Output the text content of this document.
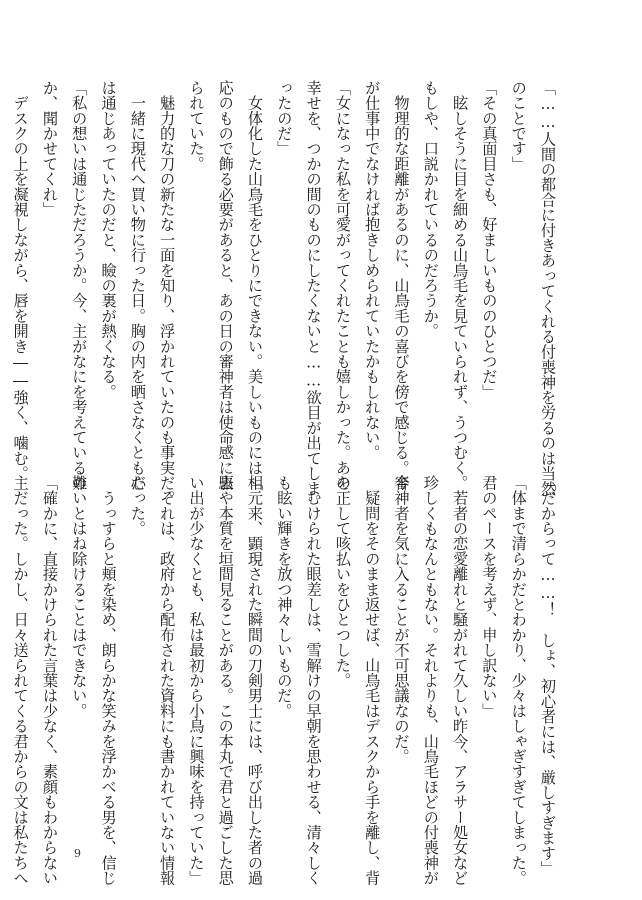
「……人間の都合に付きあってくれる付喪神を労るのは当然
のことです」
「その真面目さも、好ましいもののひとつだ」
　眩しそうに目を細める山鳥毛を見ていられず、うつむく。
もしや、口説かれているのだろうか。
　物理的な距離があるのに、山鳥毛の喜びを傍で感じる。今
が仕事中でなければ抱きしめられていたかもしれない。
「女になった私を可愛がってくれたことも嬉しかった。あの
幸せを、つかの間のものにしたくないと……欲目が出てしま
ったのだ」
　女体化した山鳥毛をひとりにできない。美しいものには相
応のもので飾る必要があると、あの日の審神者は使命感に駆
られていた。
　魅力的な刀の新たな一面を知り、浮かれていたのも事実だ。
　一緒に現代へ買い物に行った日。胸の内を晒さなくとも心
は通じあっていたのだと、瞼の裏が熱くなる。
「私の想いは通じただろうか。今、主がなにを考えているの
か、聞かせてくれ」
　デスクの上を凝視しながら、唇を開き――強く、噛む。
「だからって……！　しょ、初心者には、厳しすぎます」
「体まで清らかだとわかり、少々はしゃぎすぎてしまった。
君のペースを考えず、申し訳ない」
　若者の恋愛離れと騒がれて久しい昨今、アラサー処女など
珍しくもなんともない。それよりも、山鳥毛ほどの付喪神が
審神者を気に入ることが不可思議なのだ。
　疑問をそのまま返せば、山鳥毛はデスクから手を離し、背
を正して咳払いをひとつした。
　むけられた眼差しは、雪解けの早朝を思わせる、清々しく
も眩い輝きを放つ神々しいものだ。
「元来、顕現された瞬間の刀剣男士には、呼び出した者の過
去や本質を垣間見ることがある。この本丸で君と過ごした思
い出が少なくとも、私は最初から小鳥に興味を持っていた」
　それは、政府から配布された資料にも書かれていない情報
だった。
　うっすらと頬を染め、朗らかな笑みを浮かべる男を、信じ
難いとはね除けることはできない。
「確かに、直接かけられた言葉は少なく、素顔もわからない
主だった。しかし、日々送られてくる君からの文は私たちへ	9
